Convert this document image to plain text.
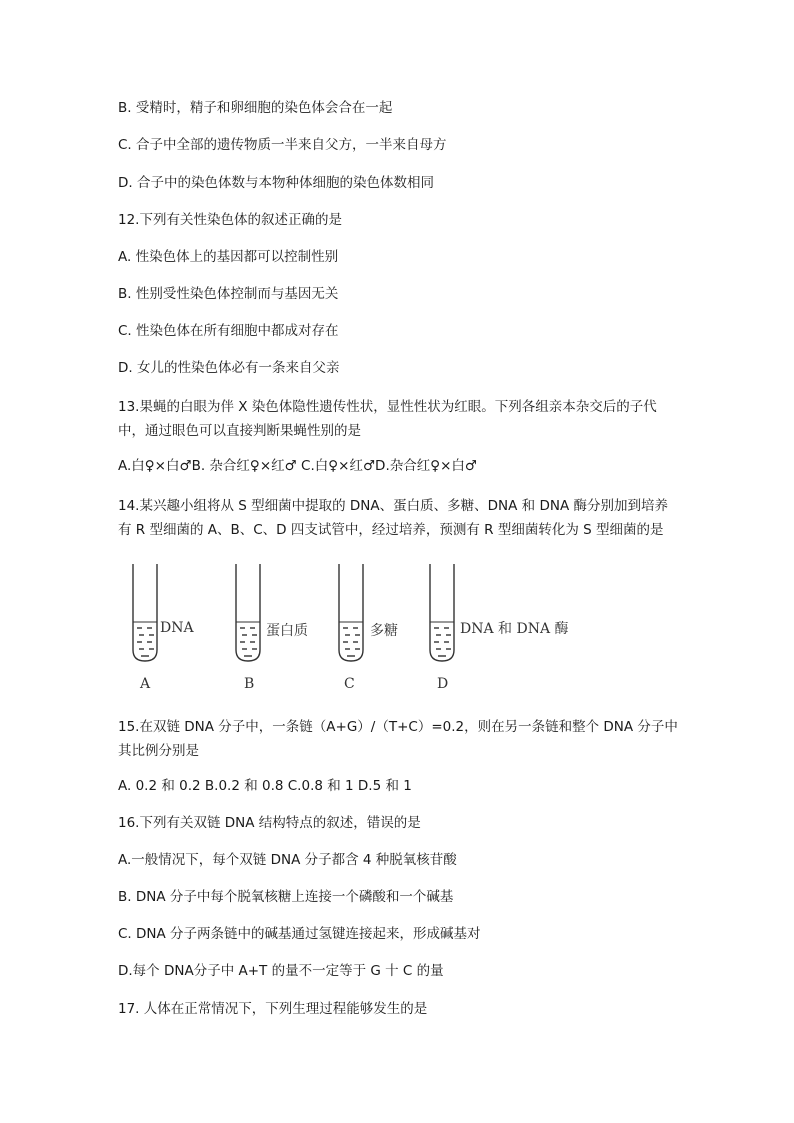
B. 受精时，精子和卵细胞的染色体会合在一起

C. 合子中全部的遗传物质一半来自父方，一半来自母方

D. 合子中的染色体数与本物种体细胞的染色体数相同

12.下列有关性染色体的叙述正确的是

A. 性染色体上的基因都可以控制性别

B. 性别受性染色体控制而与基因无关

C. 性染色体在所有细胞中都成对存在

D. 女儿的性染色体必有一条来自父亲

13.果蝇的白眼为伴 X 染色体隐性遗传性状，显性性状为红眼。下列各组亲本杂交后的子代中，通过眼色可以直接判断果蝇性别的是

A.白♀×白♂B. 杂合红♀×红♂ C.白♀×红♂D.杂合红♀×白♂

14.某兴趣小组将从 S 型细菌中提取的 DNA、蛋白质、多糖、DNA 和 DNA 酶分别加到培养有 R 型细菌的 A、B、C、D 四支试管中，经过培养，预测有 R 型细菌转化为 S 型细菌的是

DNA
A
蛋白质
B
多糖
C
DNA 和 DNA 酶
D

15.在双链 DNA 分子中，一条链（A+G）/（T+C）=0.2，则在另一条链和整个 DNA 分子中其比例分别是

A. 0.2 和 0.2 B.0.2 和 0.8 C.0.8 和 1 D.5 和 1

16.下列有关双链 DNA 结构特点的叙述，错误的是

A.一般情况下，每个双链 DNA 分子都含 4 种脱氧核苷酸

B. DNA 分子中每个脱氧核糖上连接一个磷酸和一个碱基

C. DNA 分子两条链中的碱基通过氢键连接起来，形成碱基对

D.每个 DNA分子中 A+T 的量不一定等于 G 十 C 的量

17. 人体在正常情况下，下列生理过程能够发生的是
